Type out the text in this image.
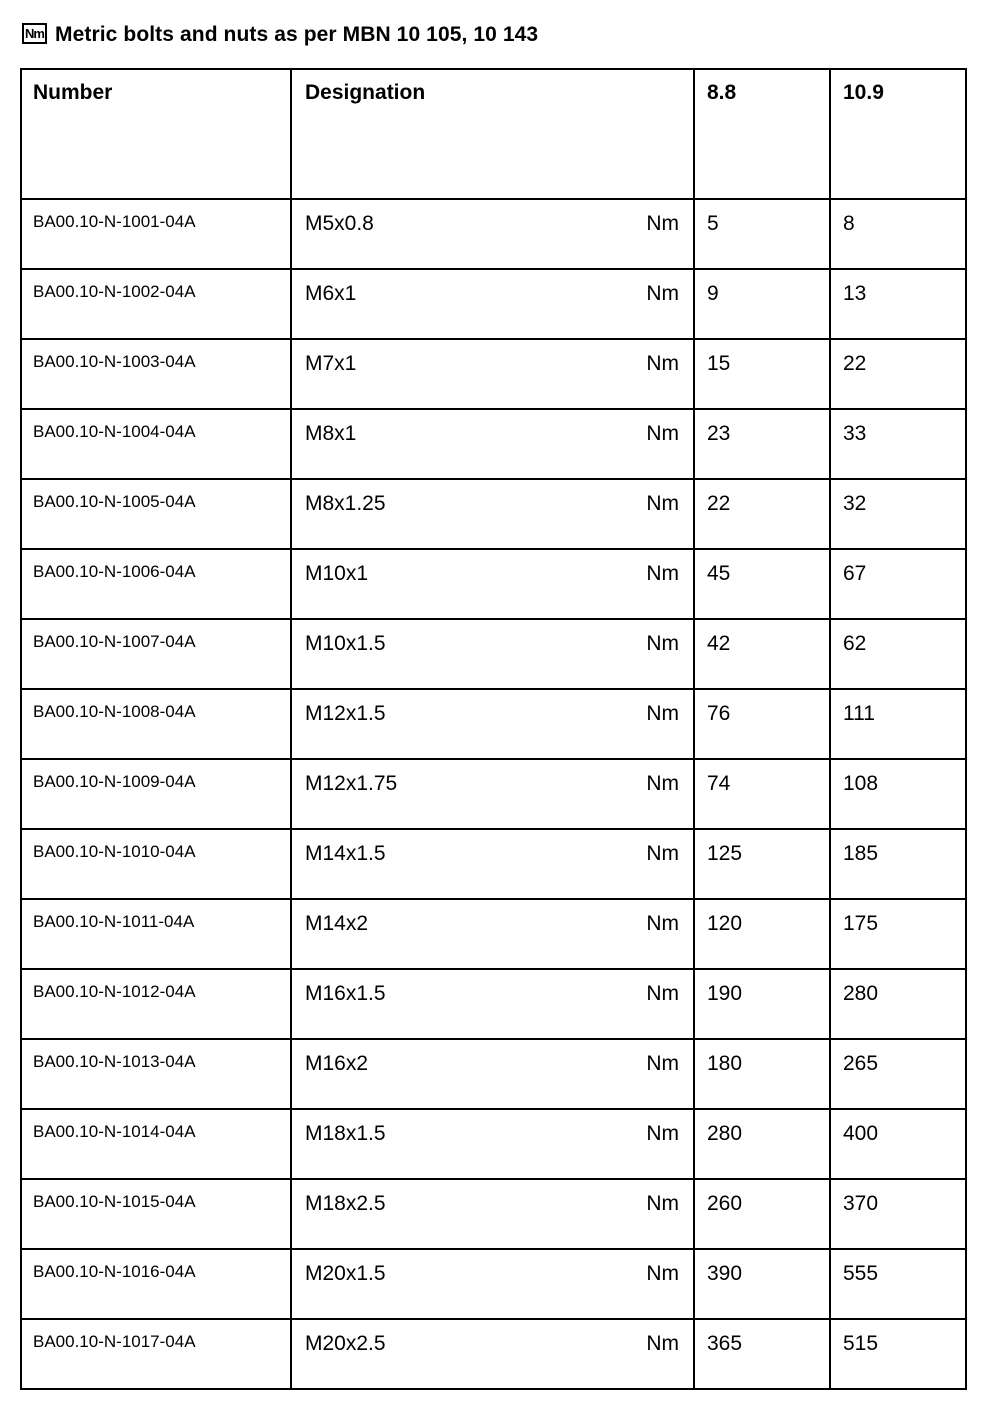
Nm Metric bolts and nuts as per MBN 10 105, 10 143
Number	Designation	8.8	10.9

BA00.10-N-1001-04A	M5x0.8 Nm	5	8

BA00.10-N-1002-04A	M6x1 Nm	9	13

BA00.10-N-1003-04A	M7x1 Nm	15	22

BA00.10-N-1004-04A	M8x1 Nm	23	33

BA00.10-N-1005-04A	M8x1.25 Nm	22	32

BA00.10-N-1006-04A	M10x1 Nm	45	67

BA00.10-N-1007-04A	M10x1.5 Nm	42	62

BA00.10-N-1008-04A	M12x1.5 Nm	76	111

BA00.10-N-1009-04A	M12x1.75 Nm	74	108

BA00.10-N-1010-04A	M14x1.5 Nm	125	185

BA00.10-N-1011-04A	M14x2 Nm	120	175

BA00.10-N-1012-04A	M16x1.5 Nm	190	280

BA00.10-N-1013-04A	M16x2 Nm	180	265

BA00.10-N-1014-04A	M18x1.5 Nm	280	400

BA00.10-N-1015-04A	M18x2.5 Nm	260	370

BA00.10-N-1016-04A	M20x1.5 Nm	390	555

BA00.10-N-1017-04A	M20x2.5 Nm	365	515
